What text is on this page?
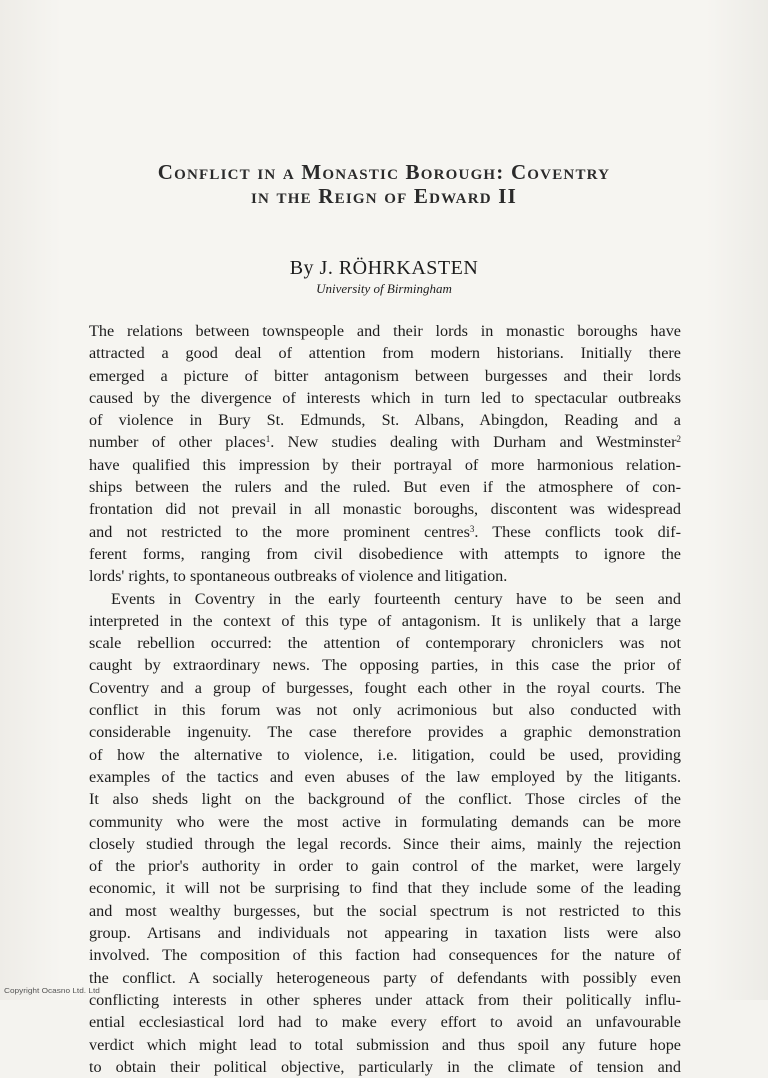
Conflict in a Monastic Borough: Coventry
in the Reign of Edward II
By J. RÖHRKASTEN
University of Birmingham
The relations between townspeople and their lords in monastic boroughs have
attracted a good deal of attention from modern historians. Initially there
emerged a picture of bitter antagonism between burgesses and their lords
caused by the divergence of interests which in turn led to spectacular outbreaks
of violence in Bury St. Edmunds, St. Albans, Abingdon, Reading and a
number of other places$^1$. New studies dealing with Durham and Westminster$^2$
have qualified this impression by their portrayal of more harmonious relation-
ships between the rulers and the ruled. But even if the atmosphere of con-
frontation did not prevail in all monastic boroughs, discontent was widespread
and not restricted to the more prominent centres$^3$. These conflicts took dif-
ferent forms, ranging from civil disobedience with attempts to ignore the
lords' rights, to spontaneous outbreaks of violence and litigation.
Events in Coventry in the early fourteenth century have to be seen and
interpreted in the context of this type of antagonism. It is unlikely that a large
scale rebellion occurred: the attention of contemporary chroniclers was not
caught by extraordinary news. The opposing parties, in this case the prior of
Coventry and a group of burgesses, fought each other in the royal courts. The
conflict in this forum was not only acrimonious but also conducted with
considerable ingenuity. The case therefore provides a graphic demonstration
of how the alternative to violence, i.e. litigation, could be used, providing
examples of the tactics and even abuses of the law employed by the litigants.
It also sheds light on the background of the conflict. Those circles of the
community who were the most active in formulating demands can be more
closely studied through the legal records. Since their aims, mainly the rejection
of the prior's authority in order to gain control of the market, were largely
economic, it will not be surprising to find that they include some of the leading
and most wealthy burgesses, but the social spectrum is not restricted to this
group. Artisans and individuals not appearing in taxation lists were also
involved. The composition of this faction had consequences for the nature of
the conflict. A socially heterogeneous party of defendants with possibly even
conflicting interests in other spheres under attack from their politically influ-
ential ecclesiastical lord had to make every effort to avoid an unfavourable
verdict which might lead to total submission and thus spoil any future hope
to obtain their political objective, particularly in the climate of tension and
Copyright Ocasno Ltd. Ltd
